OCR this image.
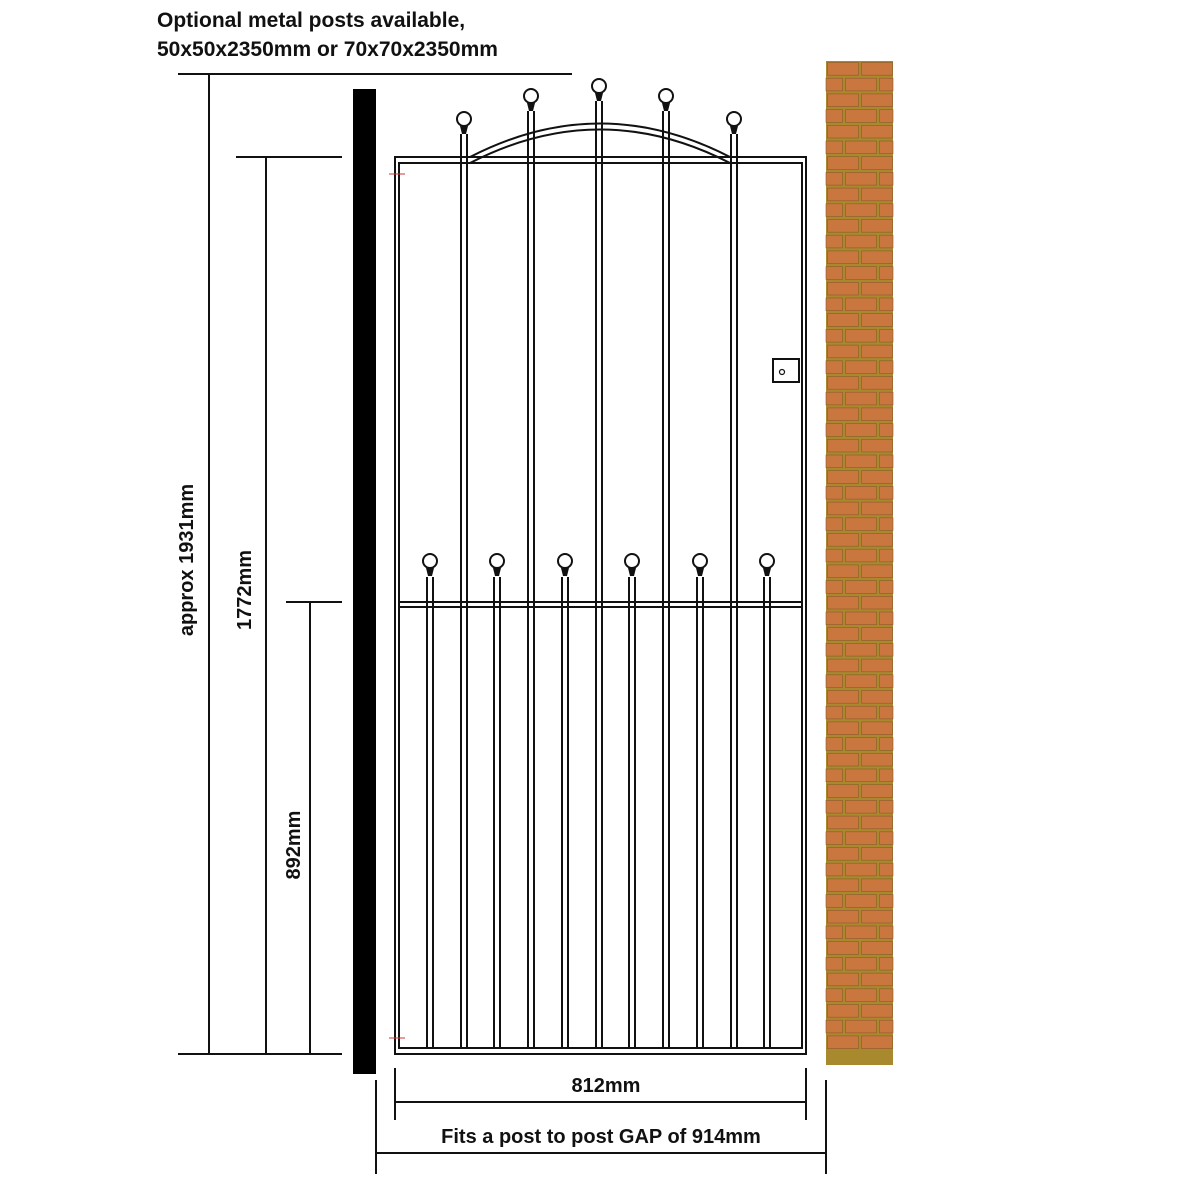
Optional metal posts available,
50x50x2350mm or 70x70x2350mm
approx 1931mm 1772mm
892mm
812mm
Fits a post to post GAP of 914mm
